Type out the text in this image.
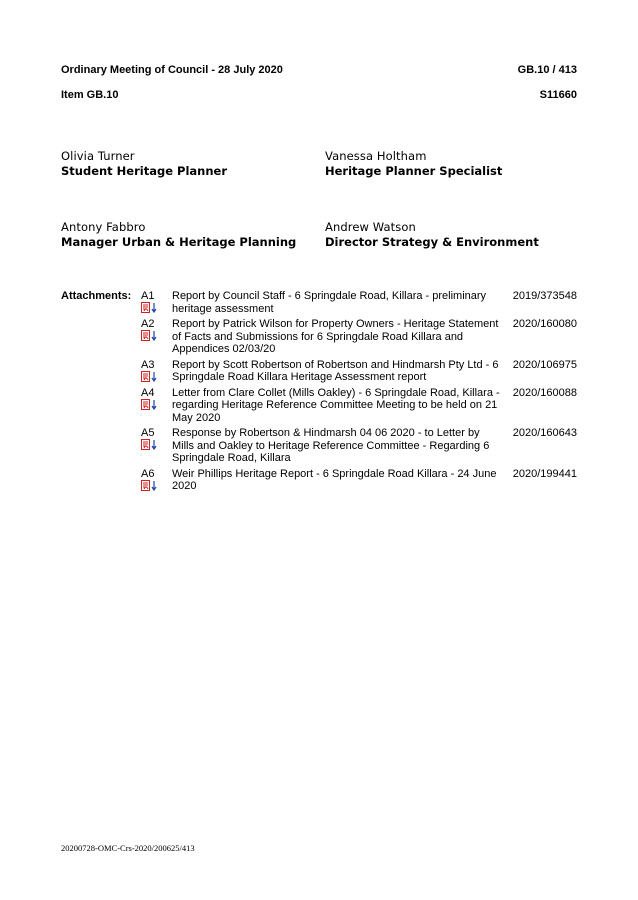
Ordinary Meeting of Council - 28 July 2020	GB.10 / 413
Item GB.10	S11660
Olivia Turner
Student Heritage Planner
Vanessa Holtham
Heritage Planner Specialist
Antony Fabbro
Manager Urban & Heritage Planning
Andrew Watson
Director Strategy & Environment
Attachments: A1	Report by Council Staff - 6 Springdale Road, Killara - preliminary heritage assessment
2019/373548
A2	Report by Patrick Wilson for Property Owners - Heritage Statement of Facts and Submissions for 6 Springdale Road Killara and Appendices 02/03/20
2020/160080
A3	Report by Scott Robertson of Robertson and Hindmarsh Pty Ltd - 6 Springdale Road Killara Heritage Assessment report
2020/106975
A4	Letter from Clare Collet (Mills Oakley) - 6 Springdale Road, Killara - regarding Heritage Reference Committee Meeting to be held on 21 May 2020
2020/160088
A5	Response by Robertson & Hindmarsh 04 06 2020 - to Letter by Mills and Oakley to Heritage Reference Committee - Regarding 6 Springdale Road, Killara
2020/160643
A6	Weir Phillips Heritage Report - 6 Springdale Road Killara - 24 June 2020
2020/199441
20200728-OMC-Crs-2020/200625/413
